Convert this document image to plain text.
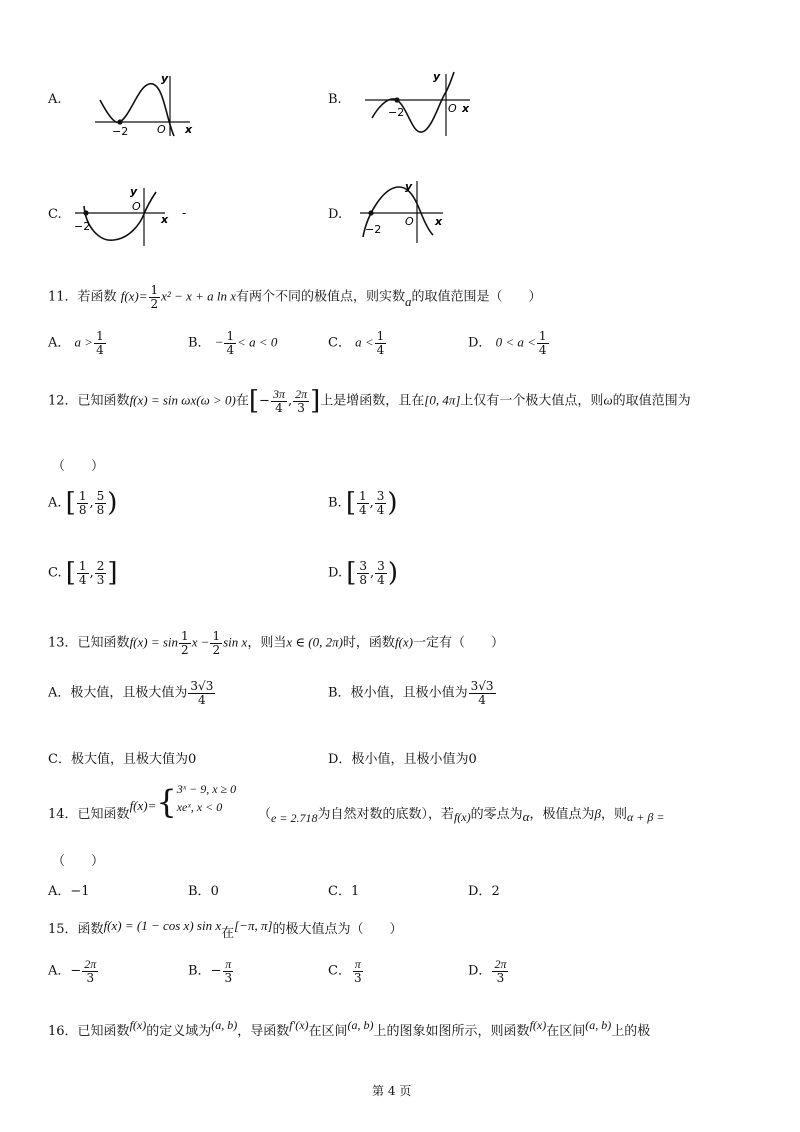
A.
y
x
O
−2
B.
y
x
O
−2
C.
y
x
O
−2
-	D.
y
x
O
−2
11．若函数 $f(x)= \frac{1}{2} x^2 - x + a$ ln x有两个不同的极值点，则实数a的取值范围是（　　）
A． $a > \frac{1}{4}$	B． − $\frac{1}{4} < a < 0$	C． $a < \frac{1}{4}$	D． $0 < a < \frac{1}{4}$
12．已知函数f(x) = sin ωx(ω > 0)在[− $\frac{3\pi}{4}$ , $\frac{2\pi}{3}$ ]上是增函数，且在[0, 4π]上仅有一个极大值点，则ω的取值范围为
（　　）
A. [ $\frac{1}{8}$ , $\frac{5}{8}$ )	B. [ $\frac{1}{4}$ , $\frac{3}{4}$ )
C. [ $\frac{1}{4}$ , $\frac{2}{3}$ ]	D. [ $\frac{3}{8}$ , $\frac{3}{4}$ )
13．已知函数$f(x) = \sin \frac{1}{2}$ $x - \frac{1}{2}$ sin x，则当x ∈ (0, 2π)时，函数f(x)一定有（　　）
A．极大值，且极大值为 $\frac{3√3}{4}$	B．极小值，且极小值为 $\frac{3√3}{4}$
C．极大值，且极大值为0	D．极小值，且极小值为0
14．已知函数f(x)={ 3ˣ − 9, x ≥ 0
xeˣ, x < 0	（e = 2.718为自然对数的底数），若f(x)的零点为α，极值点为β，则α + β =
（　　）
A．−1	B．0	C．1	D．2
15．函数f(x) = (1 − cos x) sin x在[−π, π]的极大值点为（　　）
A．− $\frac{2\pi}{3}$	B．− $\frac{\pi}{3}$	C． $\frac{\pi}{3}$	D． $\frac{2\pi}{3}$
16．已知函数f(x)的定义域为(a, b)，导函数f′(x)在区间(a, b)上的图象如图所示，则函数f(x)在区间(a, b)上的极
第 4 页
